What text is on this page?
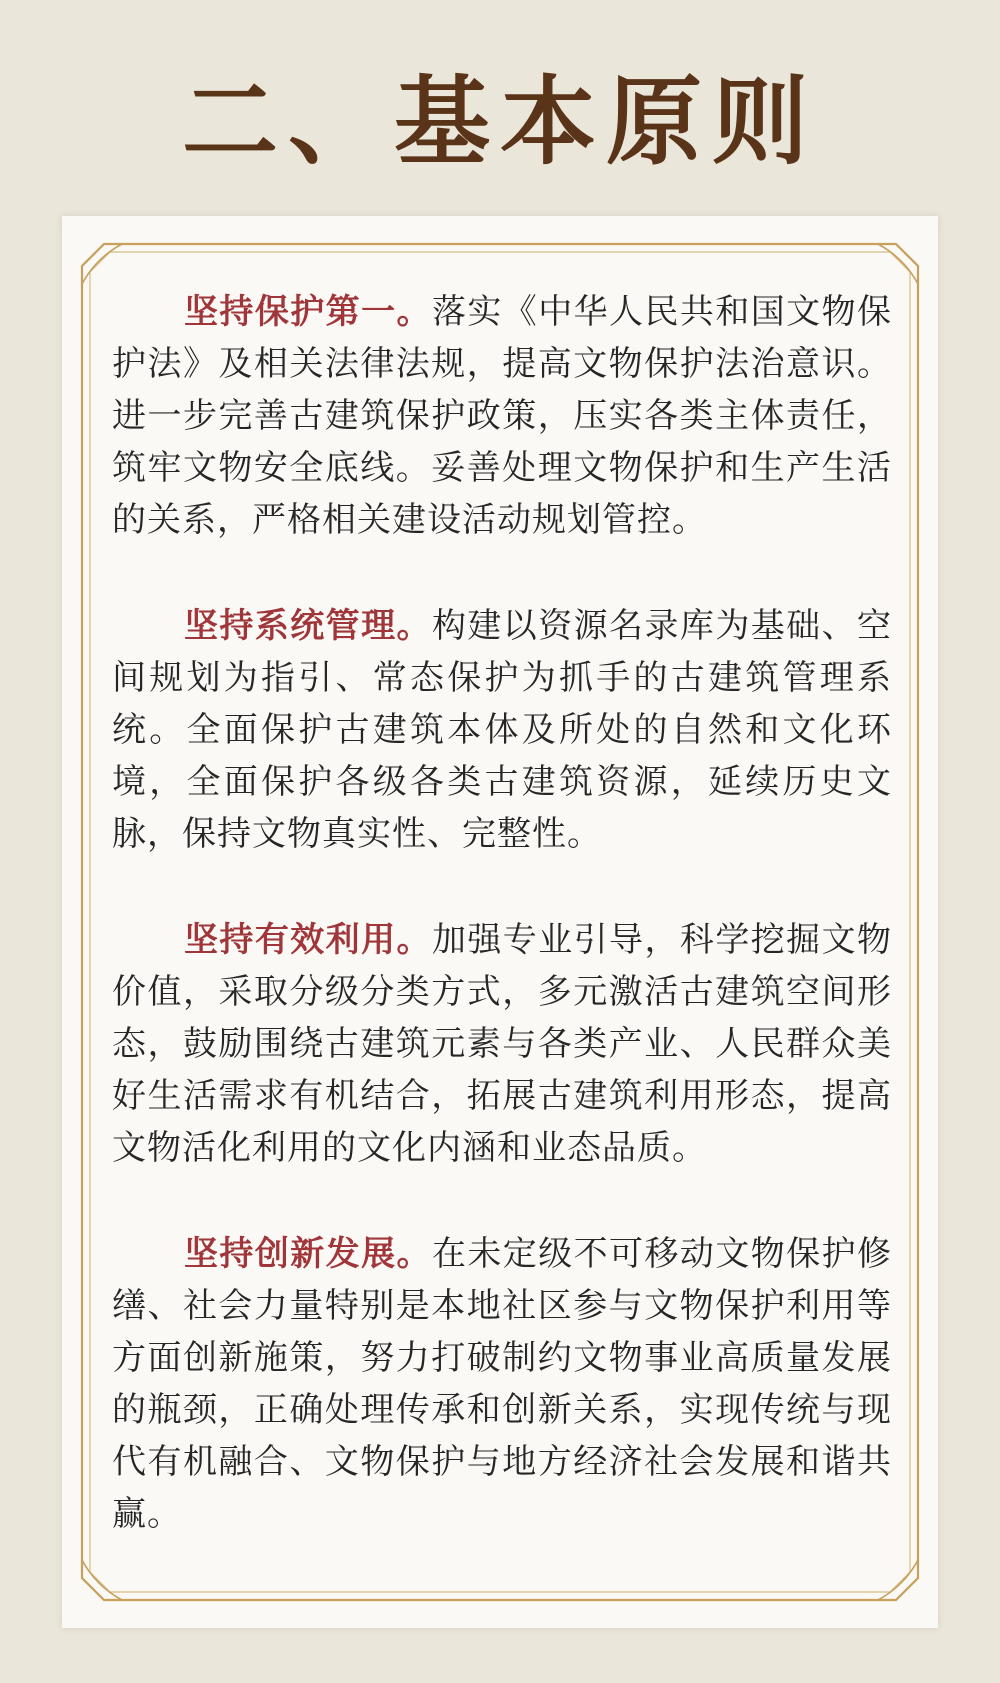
二、基本原则

坚持保护第一。落实《中华人民共和国文物保护法》及相关法律法规，提高文物保护法治意识。进一步完善古建筑保护政策，压实各类主体责任，筑牢文物安全底线。妥善处理文物保护和生产生活的关系，严格相关建设活动规划管控。

坚持系统管理。构建以资源名录库为基础、空间规划为指引、常态保护为抓手的古建筑管理系统。全面保护古建筑本体及所处的自然和文化环境，全面保护各级各类古建筑资源，延续历史文脉，保持文物真实性、完整性。

坚持有效利用。加强专业引导，科学挖掘文物价值，采取分级分类方式，多元激活古建筑空间形态，鼓励围绕古建筑元素与各类产业、人民群众美好生活需求有机结合，拓展古建筑利用形态，提高文物活化利用的文化内涵和业态品质。

坚持创新发展。在未定级不可移动文物保护修缮、社会力量特别是本地社区参与文物保护利用等方面创新施策，努力打破制约文物事业高质量发展的瓶颈，正确处理传承和创新关系，实现传统与现代有机融合、文物保护与地方经济社会发展和谐共赢。
